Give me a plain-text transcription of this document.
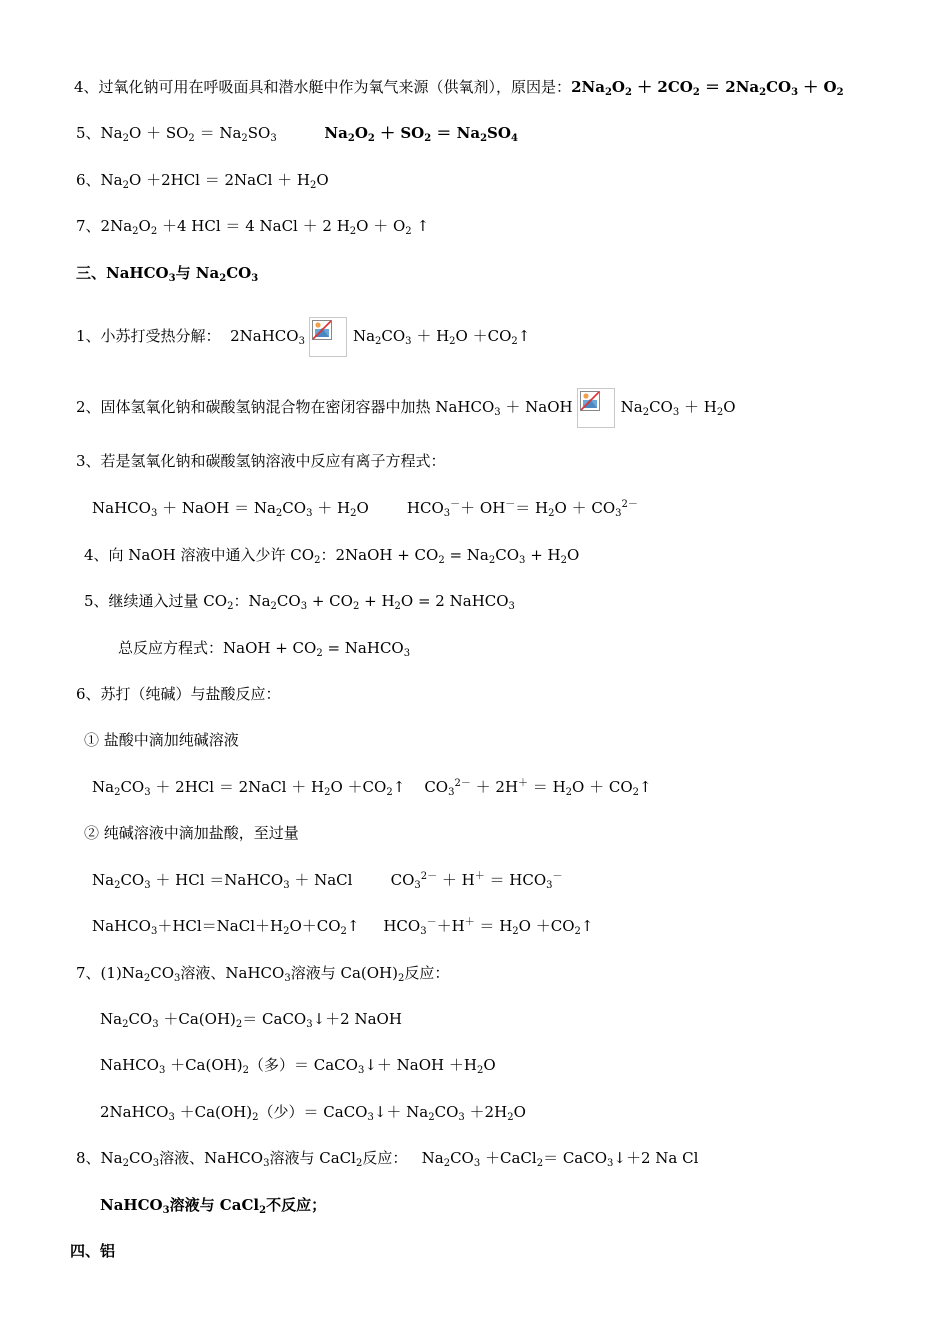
4、过氧化钠可用在呼吸面具和潜水艇中作为氧气来源（供氧剂），原因是：$2Na_2O_2 + 2CO_2 = 2Na_2CO_3 + O_2$
5、$Na_2O + SO_2 = Na_2SO_3$	$Na_2O_2 + SO_2 = Na_2SO_4$
6、$Na_2O +2HCl$ ＝ 2NaCl ＋ $H_2O$
7、$2Na_2O_2 +4$ HCl ＝ 4 NaCl ＋ 2 $H_2O + O_2$ ↑
三、NaHCO$_3$与 $Na_2CO_3$
1、小苏打受热分解：  2NaHCO$_3$	$Na_2CO_3 + H_2O$ $+CO_2↑$
2、固体氢氧化钠和碳酸氢钠混合物在密闭容器中加热 NaHCO$_3$ ＋ NaOH	$Na_2CO_3 + H_2O$
3、若是氢氧化钠和碳酸氢钠溶液中反应有离子方程式：
NaHCO$_3$ ＋ NaOH ＝ $Na_2CO_3 + H_2O$        $HCO_3^-+ OH^-= H_2O + CO_3^{2-}$
4、向 NaOH 溶液中通入少许 $CO_2$：2NaOH + $CO_2 = Na_2CO_3 + H_2O$
5、继续通入过量 $CO_2$：$Na_2CO_3 + CO_2 + H_2O = 2$ NaHCO$_3$
总反应方程式：NaOH + $CO_2$ = NaHCO$_3$
6、苏打（纯碱）与盐酸反应：
① 盐酸中滴加纯碱溶液
$Na_2CO_3 + 2HCl$ ＝ 2NaCl ＋ $H_2O$ $+CO_2↑$    $CO_3^{2-} + 2H^+ = H_2O$ ＋ $CO_2↑$
② 纯碱溶液中滴加盐酸，至过量
$Na_2CO_3$ ＋ HCl ＝NaHCO$_3$ ＋ NaCl        $CO_3^{2-} + H^+ = HCO_3^-$
$NaHCO_3+HCl=NaCl+H_2O+CO_2↑$     $HCO_3^-+H^+ = H_2O$ $+CO_2↑$
7、$(1)Na_2CO_3$溶液、NaHCO$_3$溶液与 $Ca(OH)_2$反应：
$Na_2CO_3 +Ca(OH)_2=$ CaCO$_3$↓＋2 NaOH
NaHCO$_3$ $+Ca(OH)_2$（多）＝ CaCO$_3$↓＋ NaOH $+H_2O$
2NaHCO$_3$ $+Ca(OH)_2$（少）＝ CaCO$_3$↓＋ $Na_2CO_3 +2H_2O$
8、$Na_2CO_3$溶液、NaHCO$_3$溶液与 CaCl$_2$反应：   $Na_2CO_3$ ＋CaCl$_2$＝ CaCO$_3$↓＋2 Na Cl
NaHCO$_3$溶液与 CaCl$_2$不反应；
四、铝
